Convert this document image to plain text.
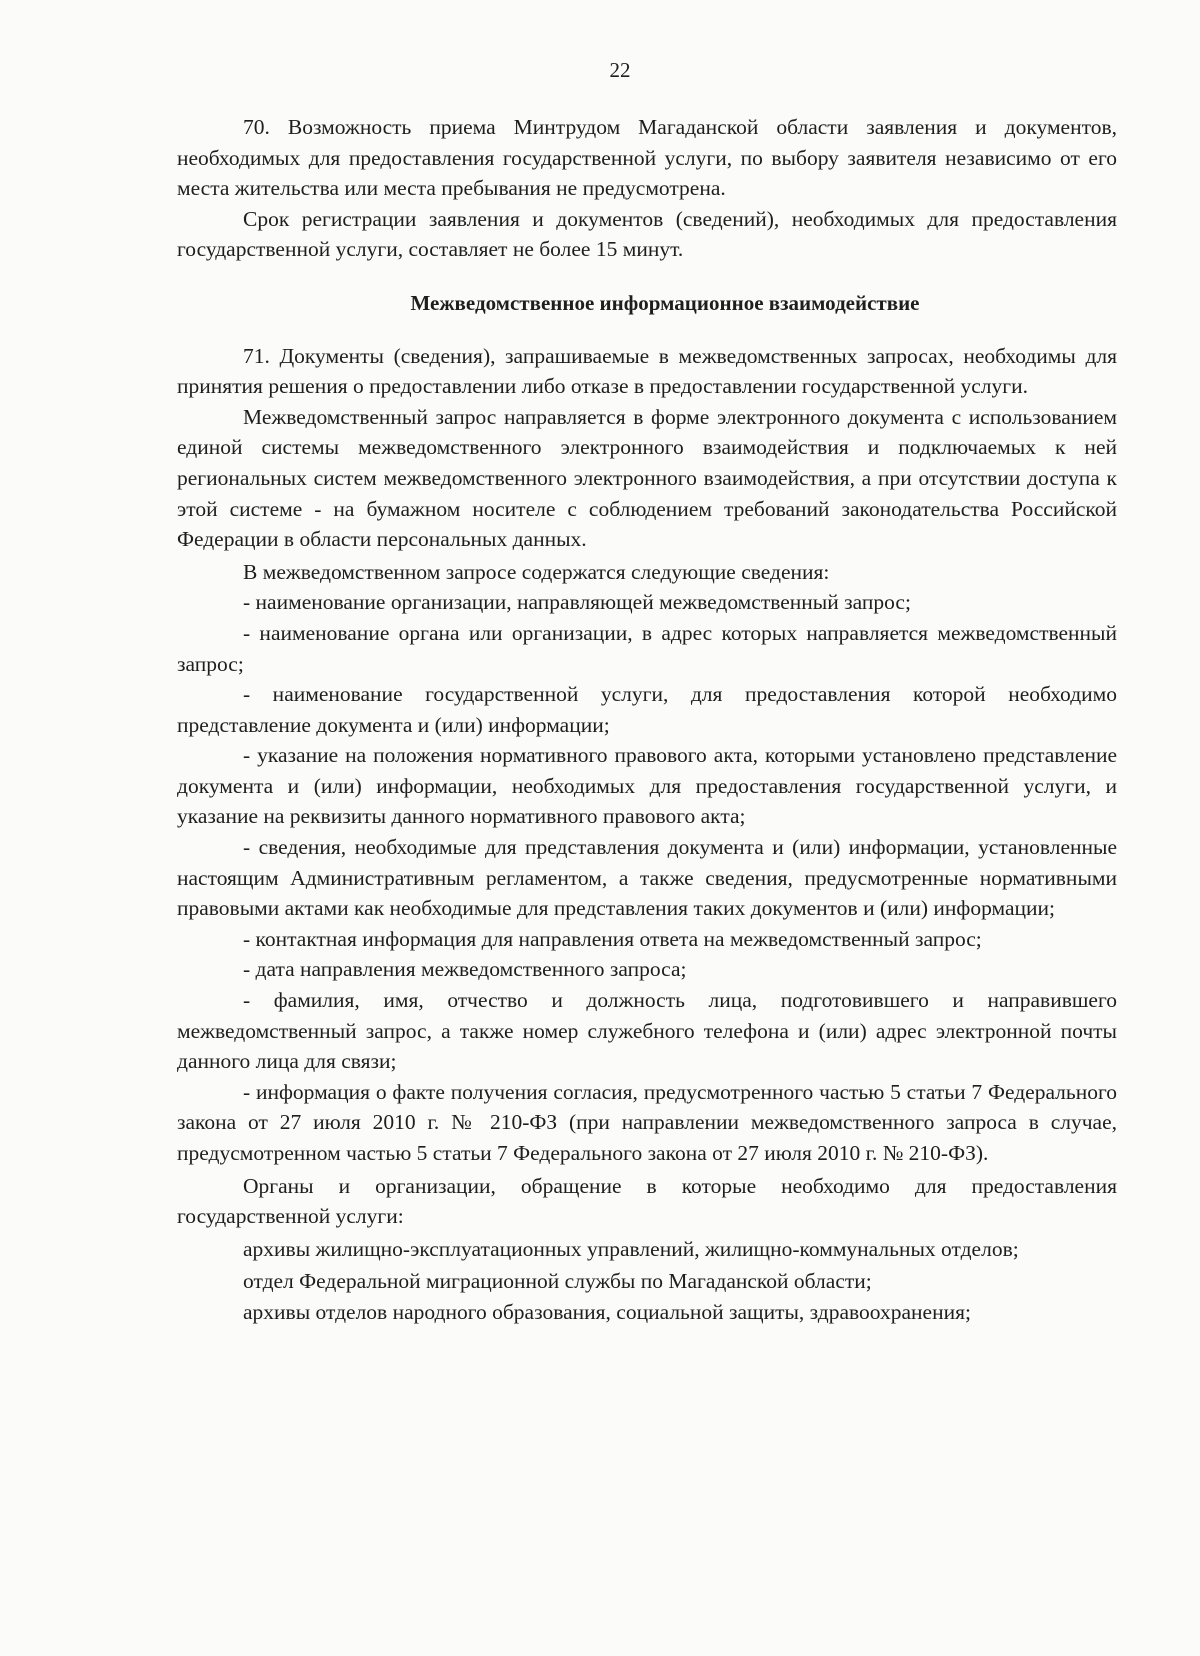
22

70. Возможность приема Минтрудом Магаданской области заявления и документов, необходимых для предоставления государственной услуги, по выбору заявителя независимо от его места жительства или места пребывания не предусмотрена.

Срок регистрации заявления и документов (сведений), необходимых для предоставления государственной услуги, составляет не более 15 минут.

Межведомственное информационное взаимодействие

71. Документы (сведения), запрашиваемые в межведомственных запросах, необходимы для принятия решения о предоставлении либо отказе в предоставлении государственной услуги.

Межведомственный запрос направляется в форме электронного документа с использованием единой системы межведомственного электронного взаимодействия и подключаемых к ней региональных систем межведомственного электронного взаимодействия, а при отсутствии доступа к этой системе - на бумажном носителе с соблюдением требований законодательства Российской Федерации в области персональных данных.

В межведомственном запросе содержатся следующие сведения:

- наименование организации, направляющей межведомственный запрос;

- наименование органа или организации, в адрес которых направляется межведомственный запрос;

- наименование государственной услуги, для предоставления которой необходимо представление документа и (или) информации;

- указание на положения нормативного правового акта, которыми установлено представление документа и (или) информации, необходимых для предоставления государственной услуги, и указание на реквизиты данного нормативного правового акта;

- сведения, необходимые для представления документа и (или) информации, установленные настоящим Административным регламентом, а также сведения, предусмотренные нормативными правовыми актами как необходимые для представления таких документов и (или) информации;

- контактная информация для направления ответа на межведомственный запрос;

- дата направления межведомственного запроса;

- фамилия, имя, отчество и должность лица, подготовившего и направившего межведомственный запрос, а также номер служебного телефона и (или) адрес электронной почты данного лица для связи;

- информация о факте получения согласия, предусмотренного частью 5 статьи 7 Федерального закона от 27 июля 2010 г. № 210-ФЗ (при направлении межведомственного запроса в случае, предусмотренном частью 5 статьи 7 Федерального закона от 27 июля 2010 г. № 210-ФЗ).

Органы и организации, обращение в которые необходимо для предоставления государственной услуги:

архивы жилищно-эксплуатационных управлений, жилищно-коммунальных отделов;

отдел Федеральной миграционной службы по Магаданской области;

архивы отделов народного образования, социальной защиты, здравоохранения;
